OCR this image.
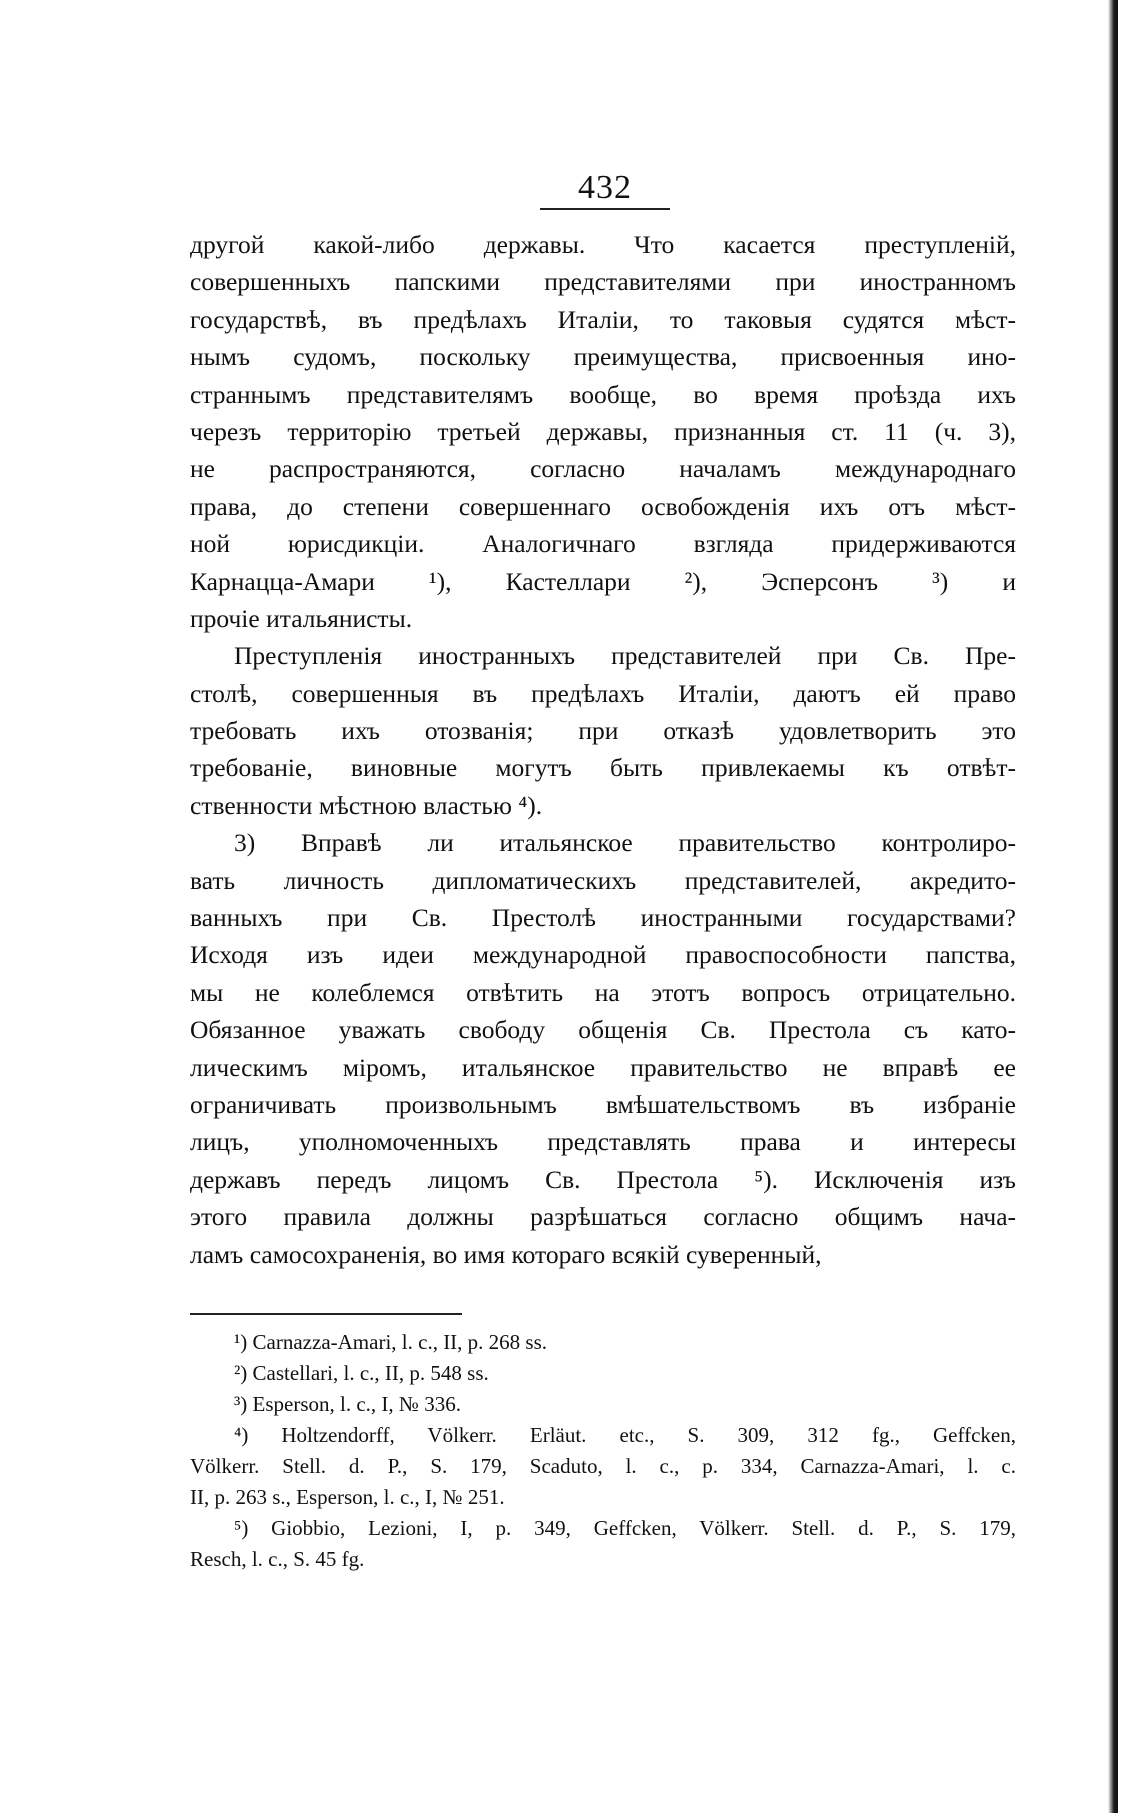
432
другой какой-либо державы. Что касается преступленій,
совершенныхъ папскими представителями при иностранномъ
государствѣ, въ предѣлахъ Италіи, то таковыя судятся мѣст-
нымъ судомъ, поскольку преимущества, присвоенныя ино-
страннымъ представителямъ вообще, во время проѣзда ихъ
черезъ территорію третьей державы, признанныя ст. 11 (ч. 3),
не распространяются, согласно началамъ международнаго
права, до степени совершеннаго освобожденія ихъ отъ мѣст-
ной юрисдикціи. Аналогичнаго взгляда придерживаются
Карнацца-Амари ¹), Кастеллари ²), Эсперсонъ ³) и
прочіе итальянисты.
Преступленія иностранныхъ представителей при Св. Пре-
столѣ, совершенныя въ предѣлахъ Италіи, даютъ ей право
требовать ихъ отозванія; при отказѣ удовлетворить это
требованіе, виновные могутъ быть привлекаемы къ отвѣт-
ственности мѣстною властью ⁴).
3) Вправѣ ли итальянское правительство контролиро-
вать личность дипломатическихъ представителей, акредито-
ванныхъ при Св. Престолѣ иностранными государствами?
Исходя изъ идеи международной правоспособности папства,
мы не колеблемся отвѣтить на этотъ вопросъ отрицательно.
Обязанное уважать свободу общенія Св. Престола съ като-
лическимъ міромъ, итальянское правительство не вправѣ ее
ограничивать произвольнымъ вмѣшательствомъ въ избраніе
лицъ, уполномоченныхъ представлять права и интересы
державъ передъ лицомъ Св. Престола ⁵). Исключенія изъ
этого правила должны разрѣшаться согласно общимъ нача-
ламъ самосохраненія, во имя котораго всякій суверенный,
¹) Carnazza-Amari, l. c., II, p. 268 ss.
²) Castellari, l. c., II, p. 548 ss.
³) Esperson, l. c., I, № 336.
⁴) Holtzendorff, Völkerr. Erläut. etc., S. 309, 312 fg., Geffcken,
Völkerr. Stell. d. P., S. 179, Scaduto, l. c., p. 334, Carnazza-Amari, l. c.
II, p. 263 s., Esperson, l. c., I, № 251.
⁵) Giobbio, Lezioni, I, p. 349, Geffcken, Völkerr. Stell. d. P., S. 179,
Resch, l. c., S. 45 fg.
